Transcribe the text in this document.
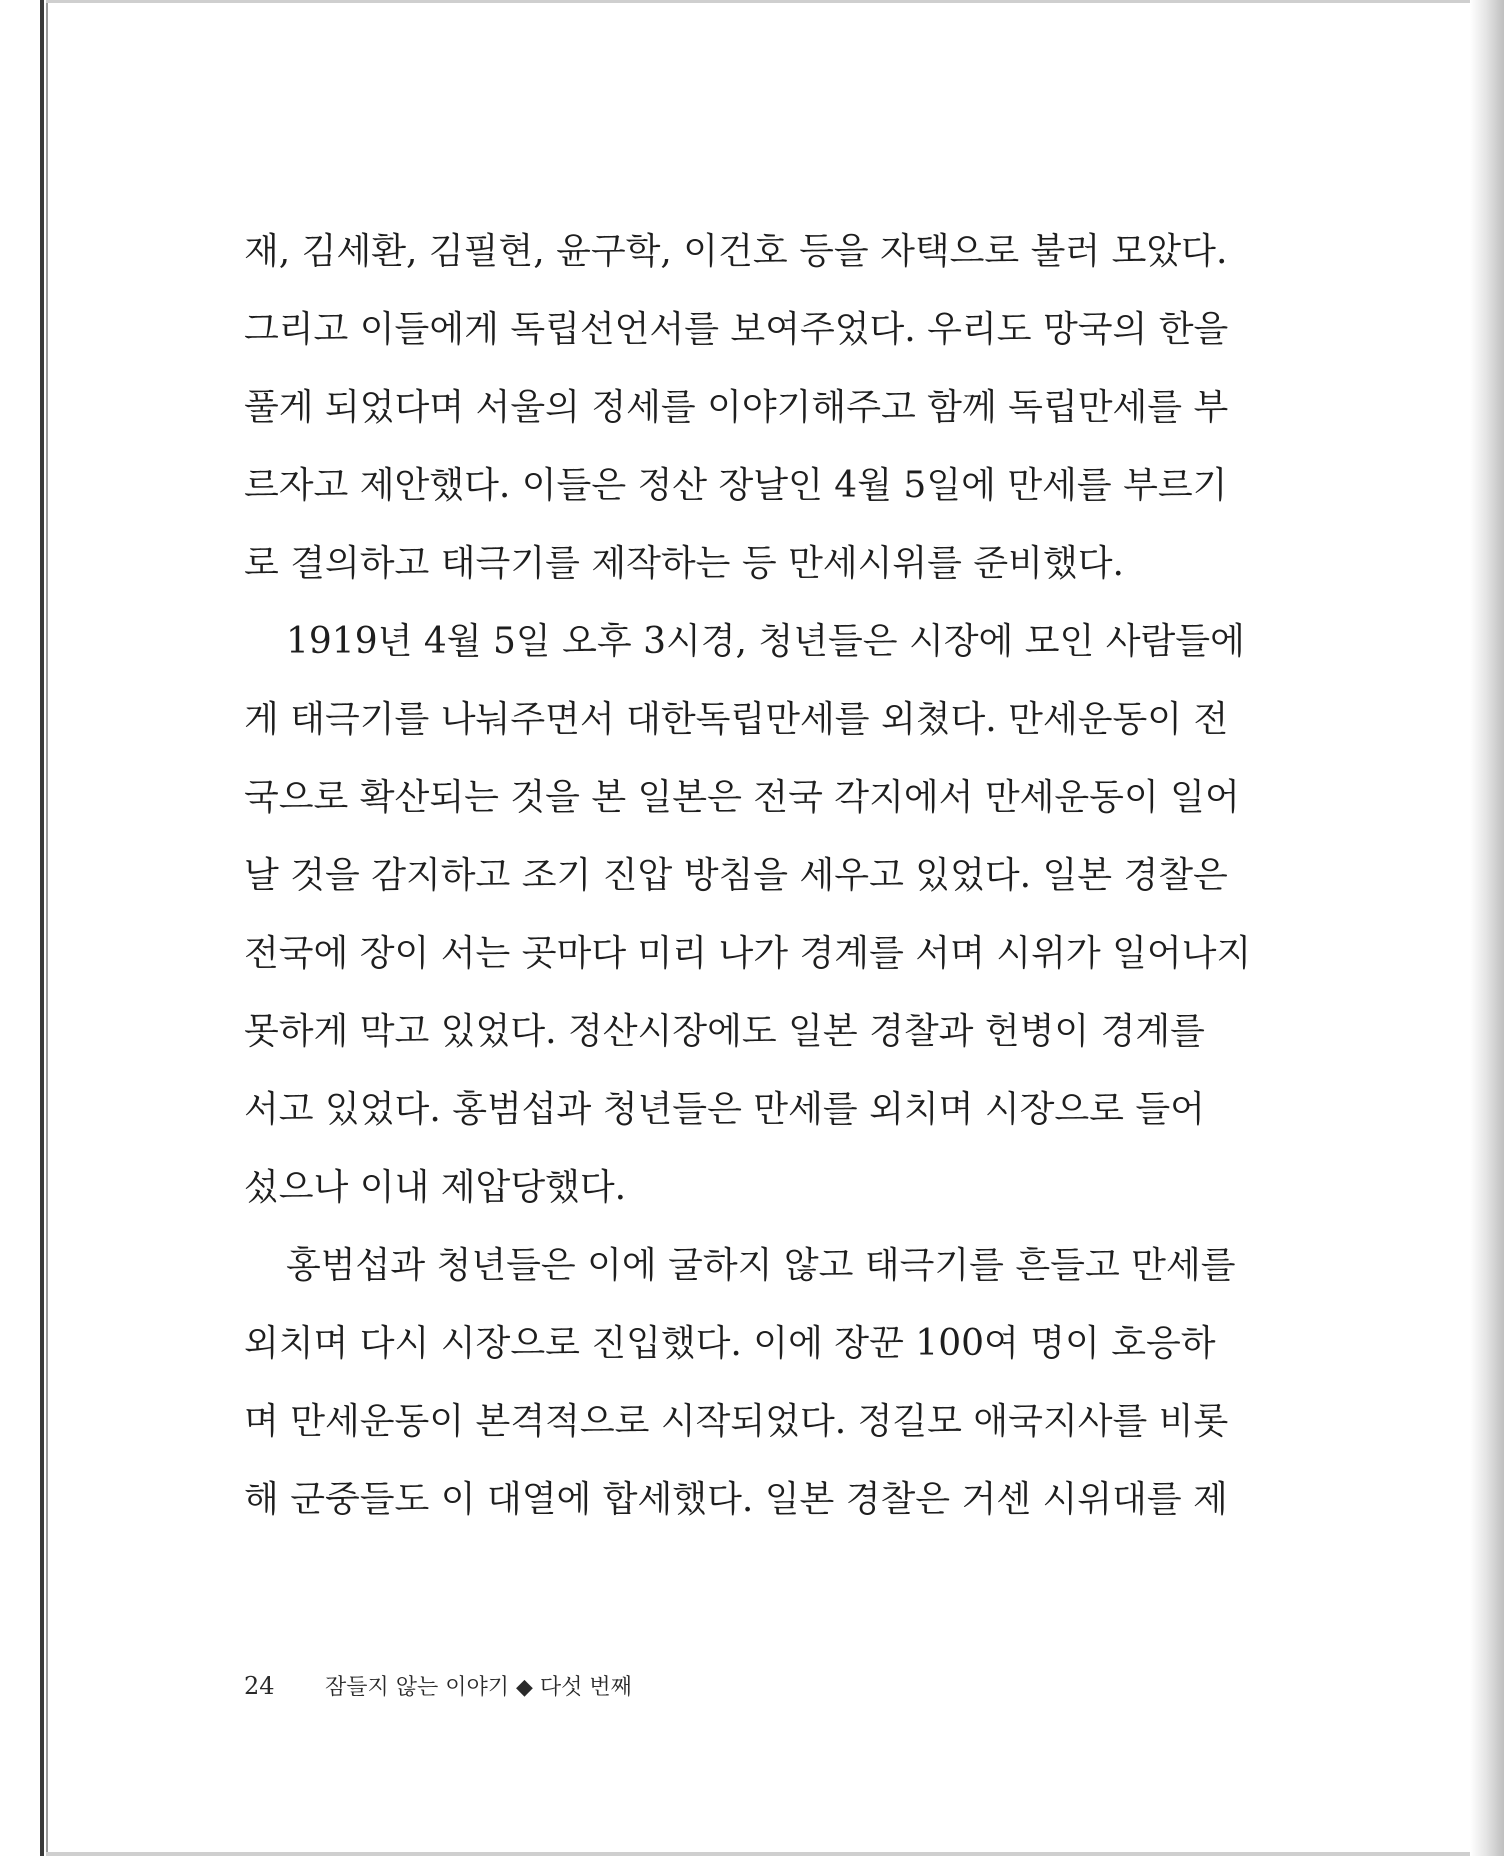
재, 김세환, 김필현, 윤구학, 이건호 등을 자택으로 불러 모았다.
그리고 이들에게 독립선언서를 보여주었다. 우리도 망국의 한을
풀게 되었다며 서울의 정세를 이야기해주고 함께 독립만세를 부
르자고 제안했다. 이들은 정산 장날인 4월 5일에 만세를 부르기
로 결의하고 태극기를 제작하는 등 만세시위를 준비했다.
1919년 4월 5일 오후 3시경, 청년들은 시장에 모인 사람들에
게 태극기를 나눠주면서 대한독립만세를 외쳤다. 만세운동이 전
국으로 확산되는 것을 본 일본은 전국 각지에서 만세운동이 일어
날 것을 감지하고 조기 진압 방침을 세우고 있었다. 일본 경찰은
전국에 장이 서는 곳마다 미리 나가 경계를 서며 시위가 일어나지
못하게 막고 있었다. 정산시장에도 일본 경찰과 헌병이 경계를
서고 있었다. 홍범섭과 청년들은 만세를 외치며 시장으로 들어
섰으나 이내 제압당했다.
홍범섭과 청년들은 이에 굴하지 않고 태극기를 흔들고 만세를
외치며 다시 시장으로 진입했다. 이에 장꾼 100여 명이 호응하
며 만세운동이 본격적으로 시작되었다. 정길모 애국지사를 비롯
해 군중들도 이 대열에 합세했다. 일본 경찰은 거센 시위대를 제
24 잠들지 않는 이야기 ◆ 다섯 번째
